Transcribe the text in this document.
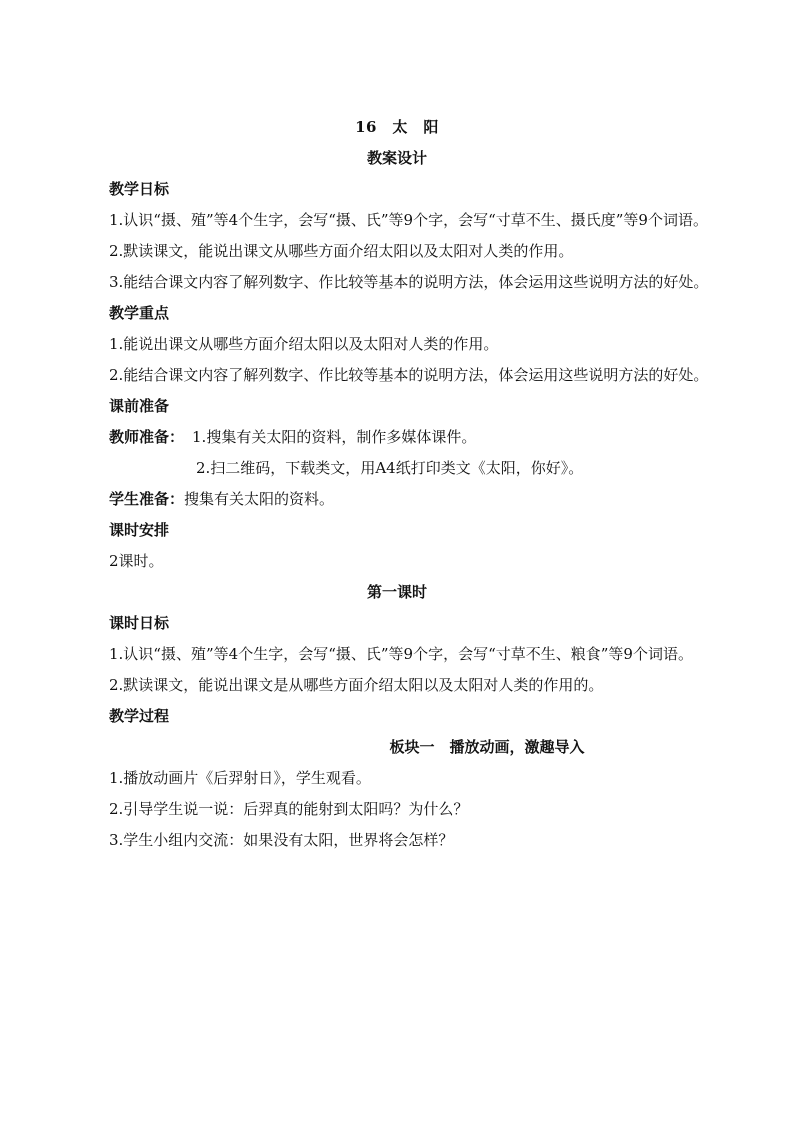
16　太　阳
教案设计
教学日标
1.认识“摄、殖”等4个生字，会写“摄、氏”等9个字，会写“寸草不生、摄氏度”等9个词语。
2.默读课文，能说出课文从哪些方面介绍太阳以及太阳对人类的作用。
3.能结合课文内容了解列数字、作比较等基本的说明方法，体会运用这些说明方法的好处。
教学重点
1.能说出课文从哪些方面介绍太阳以及太阳对人类的作用。
2.能结合课文内容了解列数字、作比较等基本的说明方法，体会运用这些说明方法的好处。
课前准备
教师准备： 1.搜集有关太阳的资料，制作多媒体课件。
2.扫二维码，下载类文，用A4纸打印类文《太阳，你好》。
学生准备：搜集有关太阳的资料。
课时安排
2课时。
第一课时
课时日标
1.认识“摄、殖”等4个生字，会写“摄、氏”等9个字，会写“寸草不生、粮食”等9个词语。
2.默读课文，能说出课文是从哪些方面介绍太阳以及太阳对人类的作用的。
教学过程
板块一　播放动画，激趣导入
1.播放动画片《后羿射日》，学生观看。
2.引导学生说一说：后羿真的能射到太阳吗？为什么？
3.学生小组内交流：如果没有太阳，世界将会怎样？
